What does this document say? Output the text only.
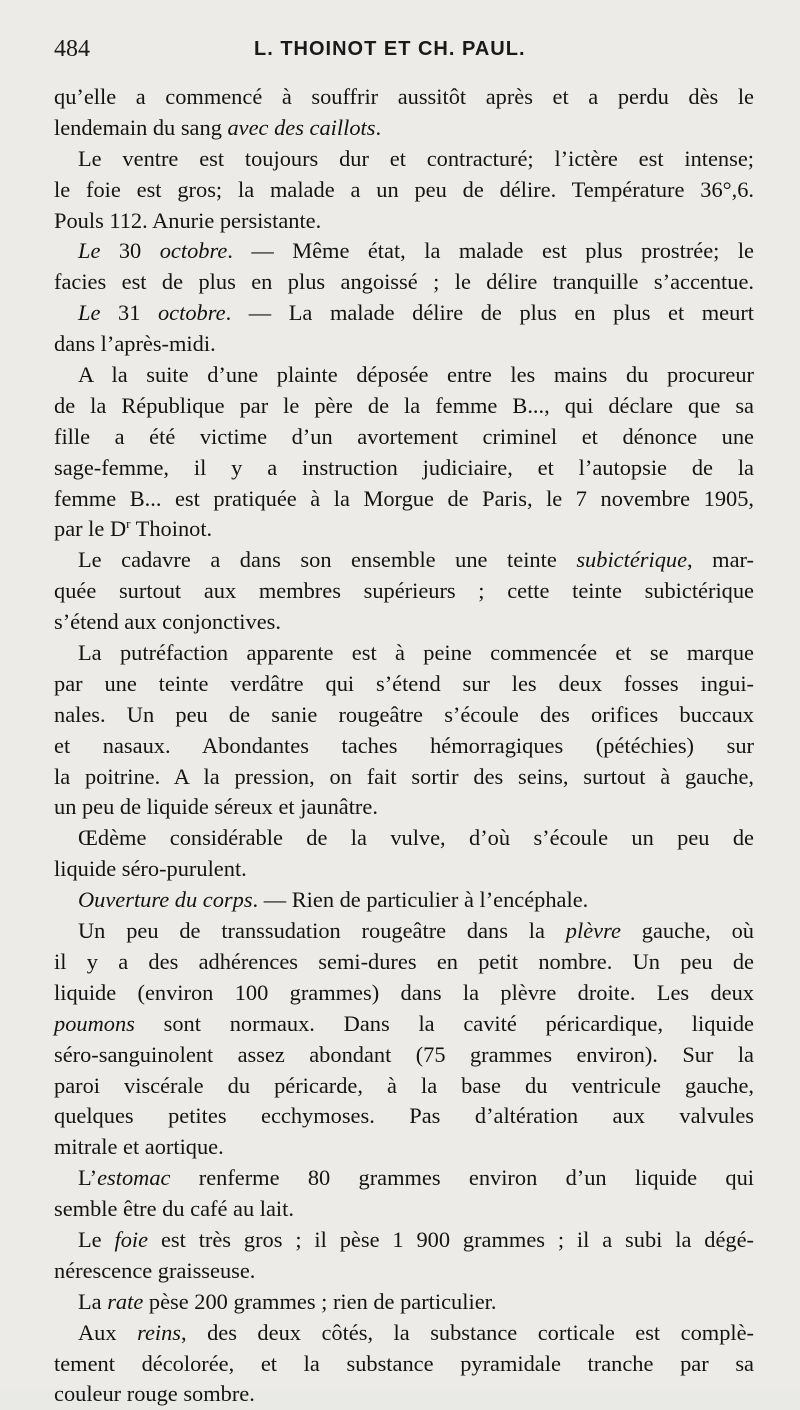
484	L. THOINOT ET CH. PAUL.
qu’elle a commencé à souffrir aussitôt après et a perdu dès le
lendemain du sang avec des caillots.
Le ventre est toujours dur et contracturé; l’ictère est intense;
le foie est gros; la malade a un peu de délire. Température 36°,6.
Pouls 112. Anurie persistante.
Le 30 octobre. — Même état, la malade est plus prostrée; le
facies est de plus en plus angoissé ; le délire tranquille s’accentue.
Le 31 octobre. — La malade délire de plus en plus et meurt
dans l’après-midi.
A la suite d’une plainte déposée entre les mains du procureur
de la République par le père de la femme B..., qui déclare que sa
fille a été victime d’un avortement criminel et dénonce une
sage-femme, il y a instruction judiciaire, et l’autopsie de la
femme B... est pratiquée à la Morgue de Paris, le 7 novembre 1905,
par le $D^r$ Thoinot.
Le cadavre a dans son ensemble une teinte subictérique, mar-
quée surtout aux membres supérieurs ; cette teinte subictérique
s’étend aux conjonctives.
La putréfaction apparente est à peine commencée et se marque
par une teinte verdâtre qui s’étend sur les deux fosses ingui-
nales. Un peu de sanie rougeâtre s’écoule des orifices buccaux
et nasaux. Abondantes taches hémorragiques (pétéchies) sur
la poitrine. A la pression, on fait sortir des seins, surtout à gauche,
un peu de liquide séreux et jaunâtre.
Œdème considérable de la vulve, d’où s’écoule un peu de
liquide séro-purulent.
Ouverture du corps. — Rien de particulier à l’encéphale.
Un peu de transsudation rougeâtre dans la plèvre gauche, où
il y a des adhérences semi-dures en petit nombre. Un peu de
liquide (environ 100 grammes) dans la plèvre droite. Les deux
poumons sont normaux. Dans la cavité péricardique, liquide
séro-sanguinolent assez abondant (75 grammes environ). Sur la
paroi viscérale du péricarde, à la base du ventricule gauche,
quelques petites ecchymoses. Pas d’altération aux valvules
mitrale et aortique.
L’estomac renferme 80 grammes environ d’un liquide qui
semble être du café au lait.
Le foie est très gros ; il pèse 1 900 grammes ; il a subi la dégé-
nérescence graisseuse.
La rate pèse 200 grammes ; rien de particulier.
Aux reins, des deux côtés, la substance corticale est complè-
tement décolorée, et la substance pyramidale tranche par sa
couleur rouge sombre.
